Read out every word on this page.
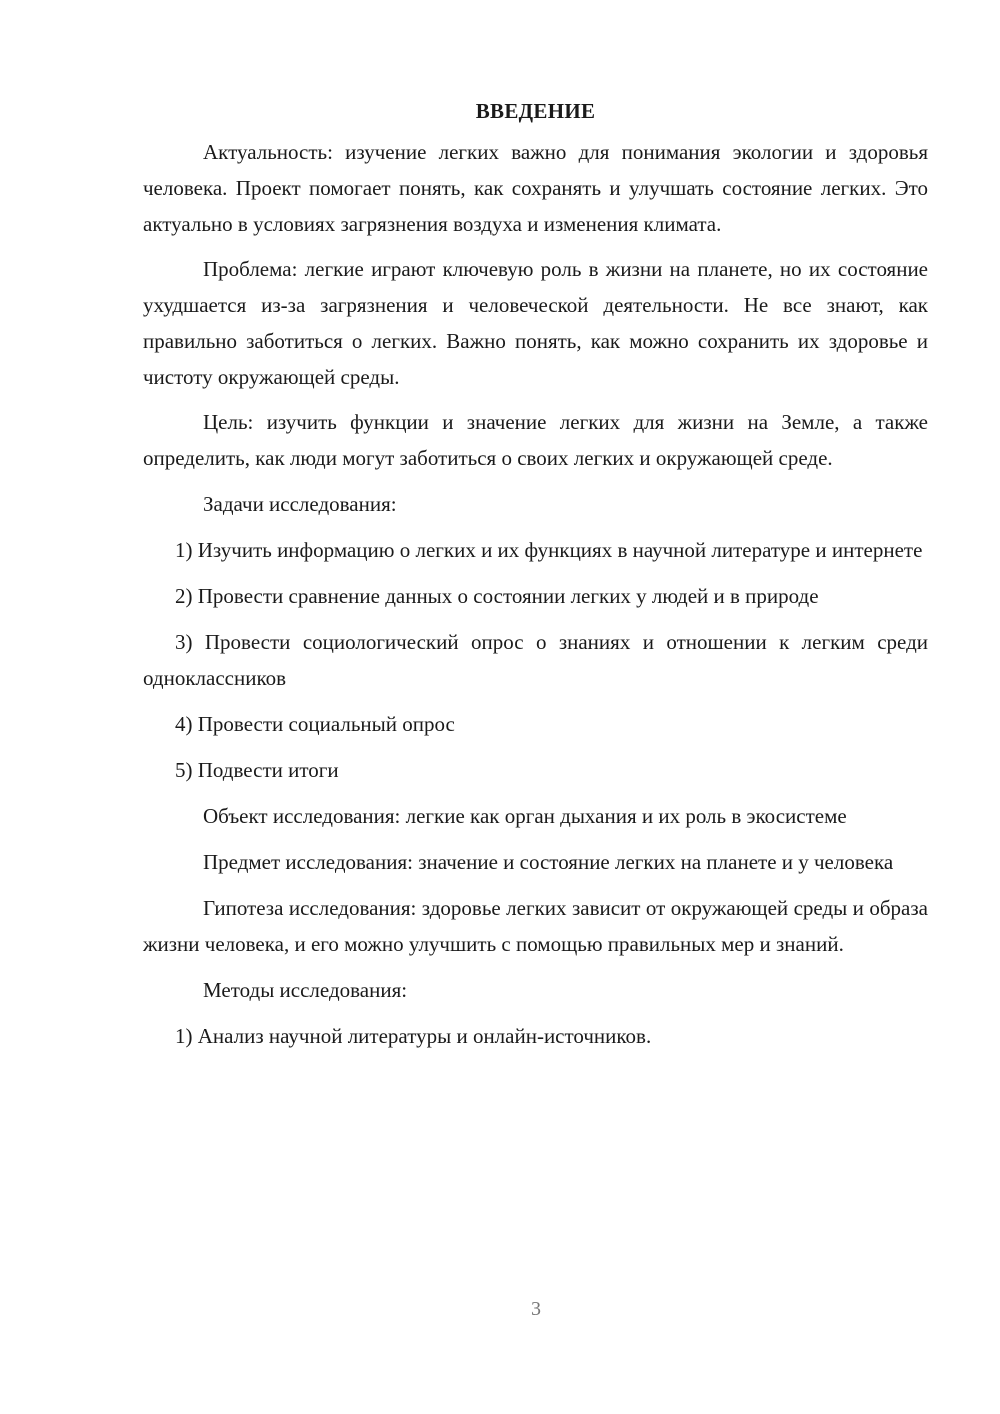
ВВЕДЕНИЕ

Актуальность: изучение легких важно для понимания экологии и здоровья человека. Проект помогает понять, как сохранять и улучшать состояние легких. Это актуально в условиях загрязнения воздуха и изменения климата.

Проблема: легкие играют ключевую роль в жизни на планете, но их состояние ухудшается из-за загрязнения и человеческой деятельности. Не все знают, как правильно заботиться о легких. Важно понять, как можно сохранить их здоровье и чистоту окружающей среды.

Цель: изучить функции и значение легких для жизни на Земле, а также определить, как люди могут заботиться о своих легких и окружающей среде.

Задачи исследования:

1) Изучить информацию о легких и их функциях в научной литературе и интернете

2) Провести сравнение данных о состоянии легких у людей и в природе

3) Провести социологический опрос о знаниях и отношении к легким среди одноклассников

4) Провести социальный опрос

5) Подвести итоги

Объект исследования: легкие как орган дыхания и их роль в экосистеме

Предмет исследования: значение и состояние легких на планете и у человека

Гипотеза исследования: здоровье легких зависит от окружающей среды и образа жизни человека, и его можно улучшить с помощью правильных мер и знаний.

Методы исследования:

1) Анализ научной литературы и онлайн-источников.

3
